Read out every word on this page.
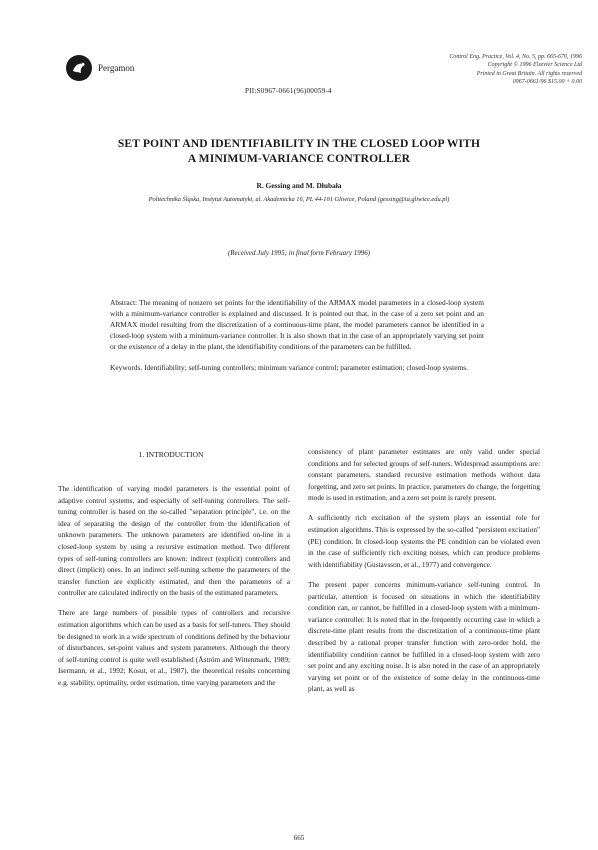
Pergamon
Control Eng. Practice, Vol. 4, No. 5, pp. 665-670, 1996
Copyright © 1996 Elsevier Science Ltd
Printed in Great Britain. All rights reserved
0967-0661/96 $15.00 + 0.00
PII:S0967-0661(96)00059-4
SET POINT AND IDENTIFIABILITY IN THE CLOSED LOOP WITH
A MINIMUM-VARIANCE CONTROLLER
R. Gessing and M. Dłubała
Politechnika Śląska, Instytut Automatyki, ul. Akademicka 16, PL 44-101 Gliwice, Poland (gessing@ia.gliwice.edu.pl)
(Received July 1995; in final form February 1996)
Abstract: The meaning of nonzero set points for the identifiability of the ARMAX model parameters in a closed-loop system with a minimum-variance controller is explained and discussed. It is pointed out that, in the case of a zero set point and an ARMAX model resulting from the discretization of a continuous-time plant, the model parameters cannot be identified in a closed-loop system with a minimum-variance controller. It is also shown that in the case of an appropriately varying set point or the existence of a delay in the plant, the identifiability conditions of the parameters can be fulfilled.
Keywords. Identifiability; self-tuning controllers; minimum variance control; parameter estimation; closed-loop systems.
1. INTRODUCTION

The identification of varying model parameters is the essential point of adaptive control systems, and especially of self-tuning controllers. The self-tuning controller is based on the so-called "separation principle", i.e. on the idea of separating the design of the controller from the identification of unknown parameters. The unknown parameters are identified on-line in a closed-loop system by using a recursive estimation method. Two different types of self-tuning controllers are known: indirect (explicit) controllers and direct (implicit) ones. In an indirect self-tuning scheme the parameters of the transfer function are explicitly estimated, and then the parameters of a controller are calculated indirectly on the basis of the estimated parameters.

There are large numbers of possible types of controllers and recursive estimation algorithms which can be used as a basis for self-tuners. They should be designed to work in a wide spectrum of conditions defined by the behaviour of disturbances, set-point values and system parameters. Although the theory of self-tuning control is quite well established (Åström and Wittenmark, 1989; Isermann, et al., 1992; Kosut, et al., 1987), the theoretical results concerning e.g. stability, optimality, order estimation, time varying parameters and the

consistency of plant parameter estimates are only valid under special conditions and for selected groups of self-tuners. Widespread assumptions are: constant parameters, standard recursive estimation methods without data forgetting, and zero set points. In practice, parameters do change, the forgetting mode is used in estimation, and a zero set point is rarely present.

A sufficiently rich excitation of the system plays an essential role for estimation algorithms. This is expressed by the so-called "persistent excitation" (PE) condition. In closed-loop systems the PE condition can be violated even in the case of sufficiently rich exciting noises, which can produce problems with identifiability (Gustavsson, et al., 1977) and convergence.

The present paper concerns minimum-variance self-tuning control. In particular, attention is focused on situations in which the identifiability condition can, or cannot, be fulfilled in a closed-loop system with a minimum-variance controller. It is noted that in the frequently occurring case in which a discrete-time plant results from the discretization of a continuous-time plant described by a rational proper transfer function with zero-order hold, the identifiability condition cannot be fulfilled in a closed-loop system with zero set point and any exciting noise. It is also noted in the case of an appropriately varying set point or of the existence of some delay in the continuous-time plant, as well as

665
